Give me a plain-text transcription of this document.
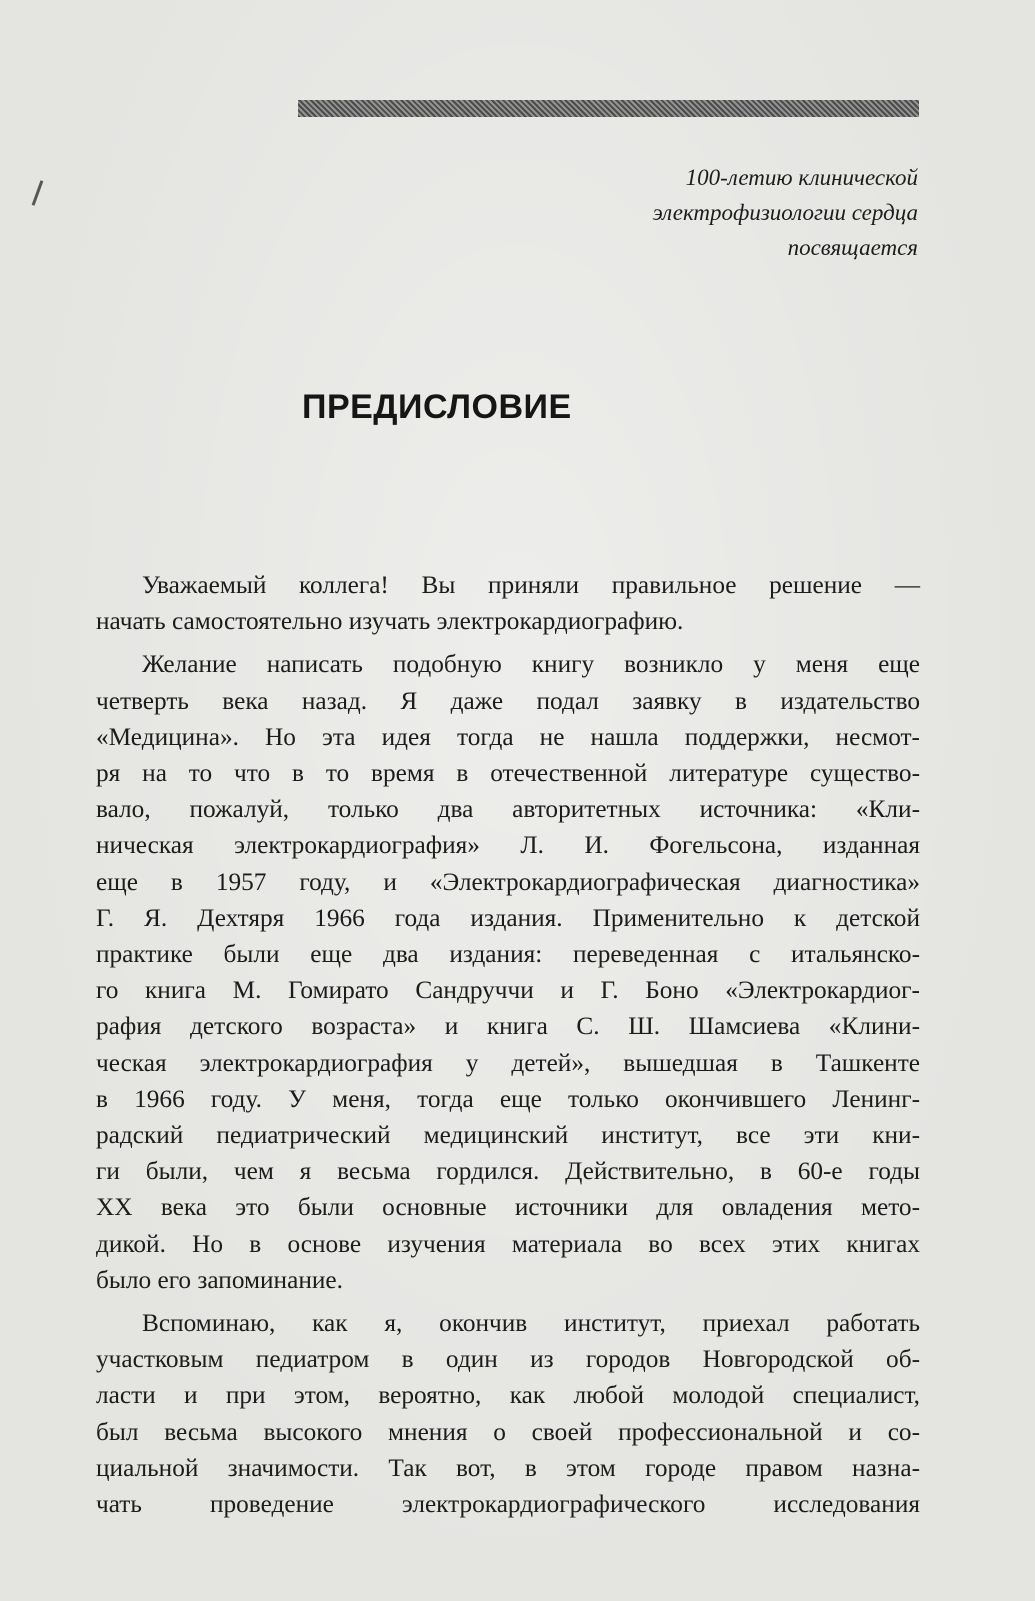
100-летию клинической
электрофизиологии сердца
посвящается
ПРЕДИСЛОВИЕ
Уважаемый коллега! Вы приняли правильное решение —
начать самостоятельно изучать электрокардиографию.
Желание написать подобную книгу возникло у меня еще
четверть века назад. Я даже подал заявку в издательство
«Медицина». Но эта идея тогда не нашла поддержки, несмот-
ря на то что в то время в отечественной литературе существо-
вало, пожалуй, только два авторитетных источника: «Кли-
ническая электрокардиография» Л. И. Фогельсона, изданная
еще в 1957 году, и «Электрокардиографическая диагностика»
Г. Я. Дехтяря 1966 года издания. Применительно к детской
практике были еще два издания: переведенная с итальянско-
го книга М. Гомирато Сандруччи и Г. Боно «Электрокардиог-
рафия детского возраста» и книга С. Ш. Шамсиева «Клини-
ческая электрокардиография у детей», вышедшая в Ташкенте
в 1966 году. У меня, тогда еще только окончившего Ленинг-
радский педиатрический медицинский институт, все эти кни-
ги были, чем я весьма гордился. Действительно, в 60-е годы
XX века это были основные источники для овладения мето-
дикой. Но в основе изучения материала во всех этих книгах
было его запоминание.
Вспоминаю, как я, окончив институт, приехал работать
участковым педиатром в один из городов Новгородской об-
ласти и при этом, вероятно, как любой молодой специалист,
был весьма высокого мнения о своей профессиональной и со-
циальной значимости. Так вот, в этом городе правом назна-
чать проведение электрокардиографического исследования
